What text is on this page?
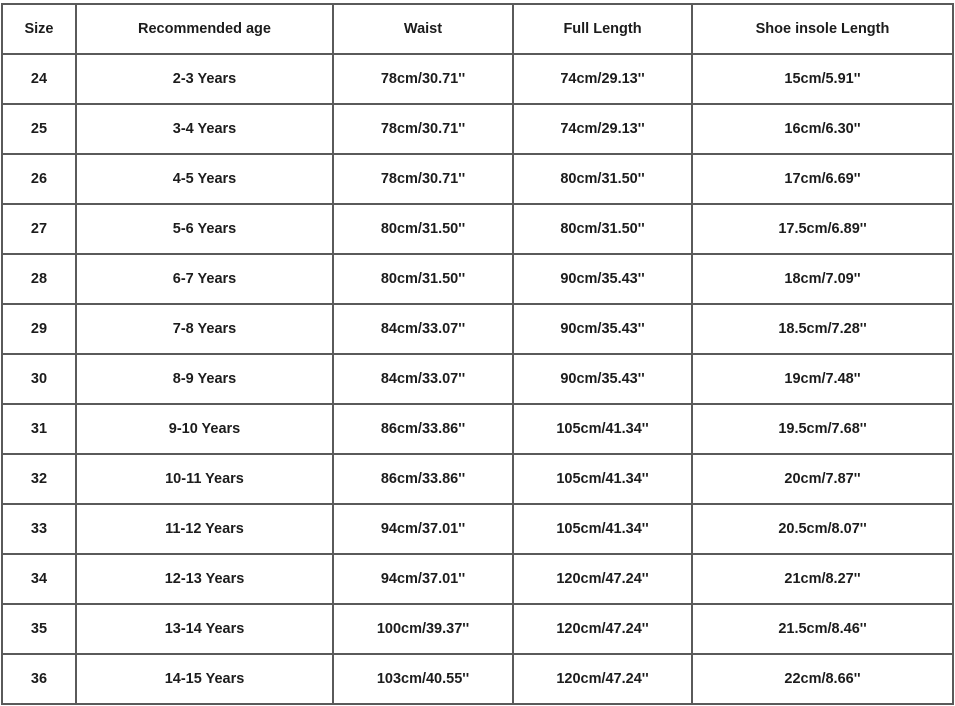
Size	Recommended age	Waist	Full Length	Shoe insole Length
24	2-3 Years	78cm/30.71''	74cm/29.13''	15cm/5.91''
25	3-4 Years	78cm/30.71''	74cm/29.13''	16cm/6.30''
26	4-5 Years	78cm/30.71''	80cm/31.50''	17cm/6.69''
27	5-6 Years	80cm/31.50''	80cm/31.50''	17.5cm/6.89''
28	6-7 Years	80cm/31.50''	90cm/35.43''	18cm/7.09''
29	7-8 Years	84cm/33.07''	90cm/35.43''	18.5cm/7.28''
30	8-9 Years	84cm/33.07''	90cm/35.43''	19cm/7.48''
31	9-10 Years	86cm/33.86''	105cm/41.34''	19.5cm/7.68''
32	10-11 Years	86cm/33.86''	105cm/41.34''	20cm/7.87''
33	11-12 Years	94cm/37.01''	105cm/41.34''	20.5cm/8.07''
34	12-13 Years	94cm/37.01''	120cm/47.24''	21cm/8.27''
35	13-14 Years	100cm/39.37''	120cm/47.24''	21.5cm/8.46''
36	14-15 Years	103cm/40.55''	120cm/47.24''	22cm/8.66''
